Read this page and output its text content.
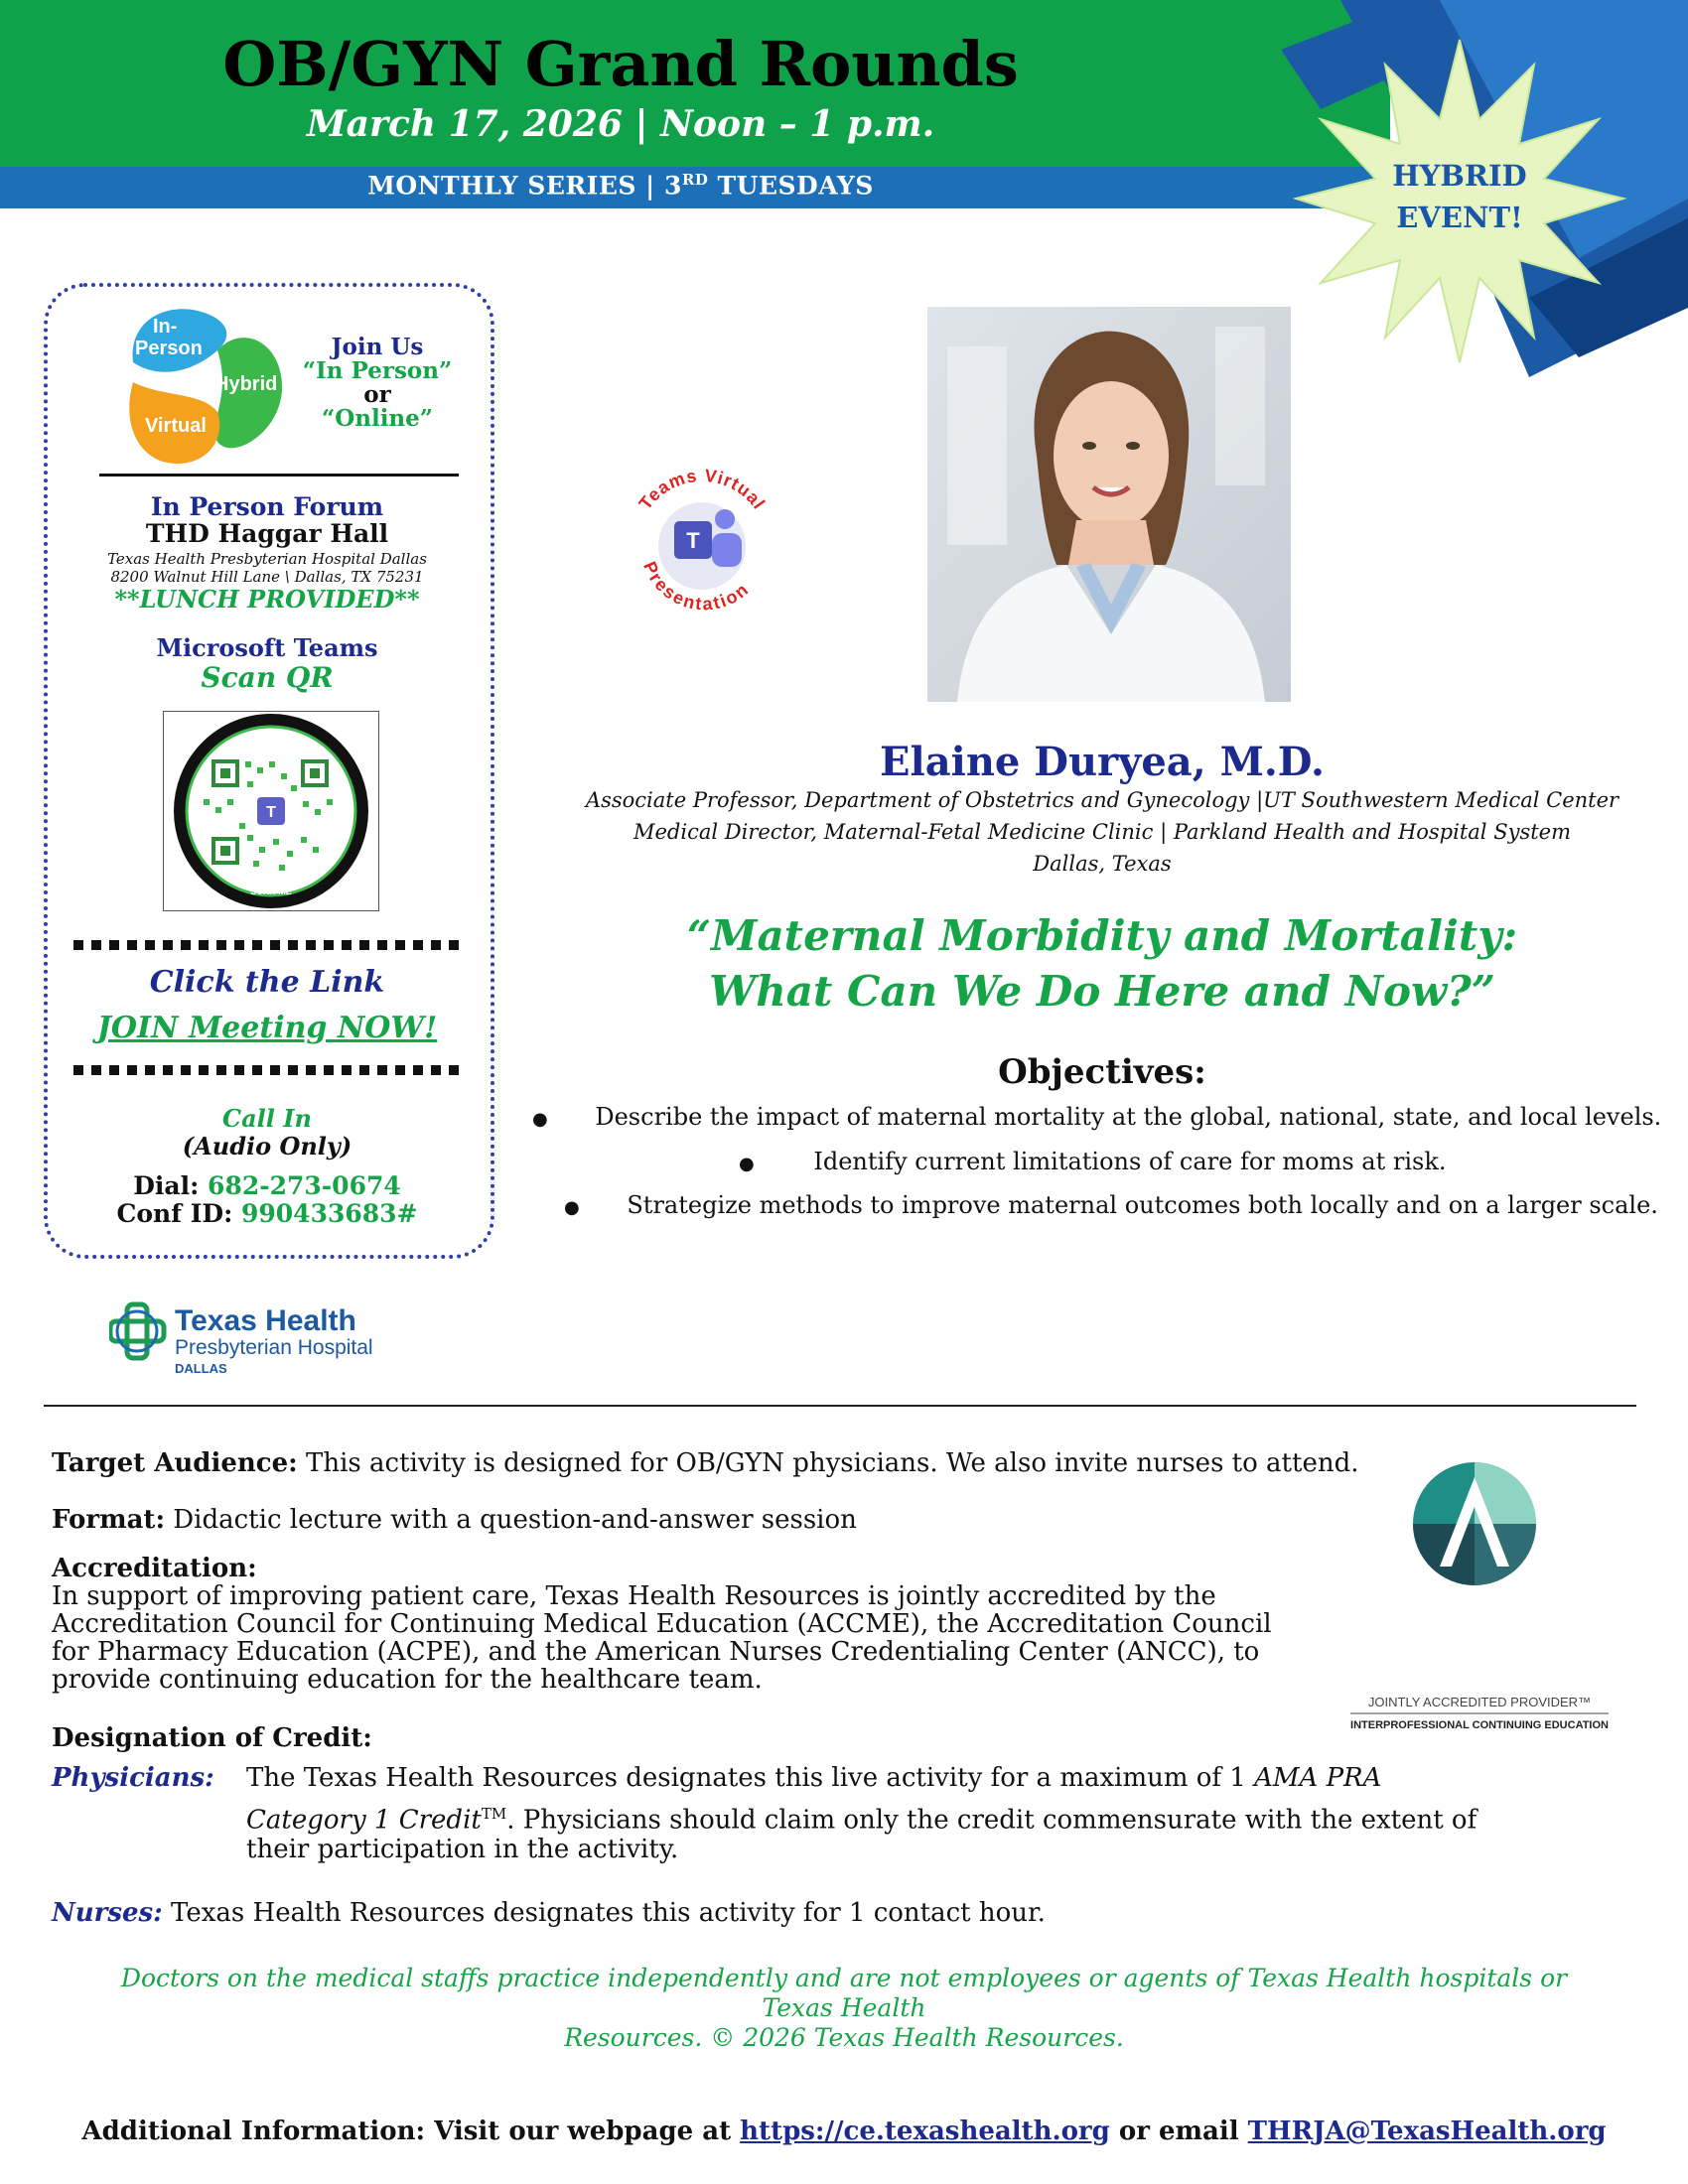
OB/GYN Grand Rounds
March 17, 2026 | Noon – 1 p.m.
MONTHLY SERIES | 3RD TUESDAYS	HYBRID
EVENT!
In-
Person
Hybrid
Virtual
Join Us
“In Person”
or
“Online”
In Person Forum
THD Haggar Hall
Texas Health Presbyterian Hospital Dallas
8200 Walnut Hill Lane \ Dallas, TX 75231
**LUNCH PROVIDED**
Microsoft Teams
Scan QR
T
SCAN ME
Click the Link
JOIN Meeting NOW!
Call In
(Audio Only)
Dial: 682-273-0674
Conf ID: 990433683#
Texas Health
Presbyterian Hospital
DALLAS
T
Teams Virtual
Presentation
Elaine Duryea, M.D.
Associate Professor, Department of Obstetrics and Gynecology |UT Southwestern Medical Center
Medical Director, Maternal-Fetal Medicine Clinic | Parkland Health and Hospital System
Dallas, Texas
“Maternal Morbidity and Mortality:
What Can We Do Here and Now?”
Objectives:
● Describe the impact of maternal mortality at the global, national, state, and local levels.
● Identify current limitations of care for moms at risk.
● Strategize methods to improve maternal outcomes both locally and on a larger scale.
Target Audience: This activity is designed for OB/GYN physicians. We also invite nurses to attend.
Format: Didactic lecture with a question-and-answer session
Accreditation:
In support of improving patient care, Texas Health Resources is jointly accredited by the
Accreditation Council for Continuing Medical Education (ACCME), the Accreditation Council
for Pharmacy Education (ACPE), and the American Nurses Credentialing Center (ANCC), to
provide continuing education for the healthcare team.
Designation of Credit:
Physicians: The Texas Health Resources designates this live activity for a maximum of 1 AMA PRA
Category 1 Credit™. Physicians should claim only the credit commensurate with the extent of
their participation in the activity.
Nurses: Texas Health Resources designates this activity for 1 contact hour.
JOINTLY ACCREDITED PROVIDER™
INTERPROFESSIONAL CONTINUING EDUCATION
Doctors on the medical staffs practice independently and are not employees or agents of Texas Health hospitals or Texas Health
Resources. © 2026 Texas Health Resources.
Additional Information: Visit our webpage at https://ce.texashealth.org or email THRJA@TexasHealth.org
